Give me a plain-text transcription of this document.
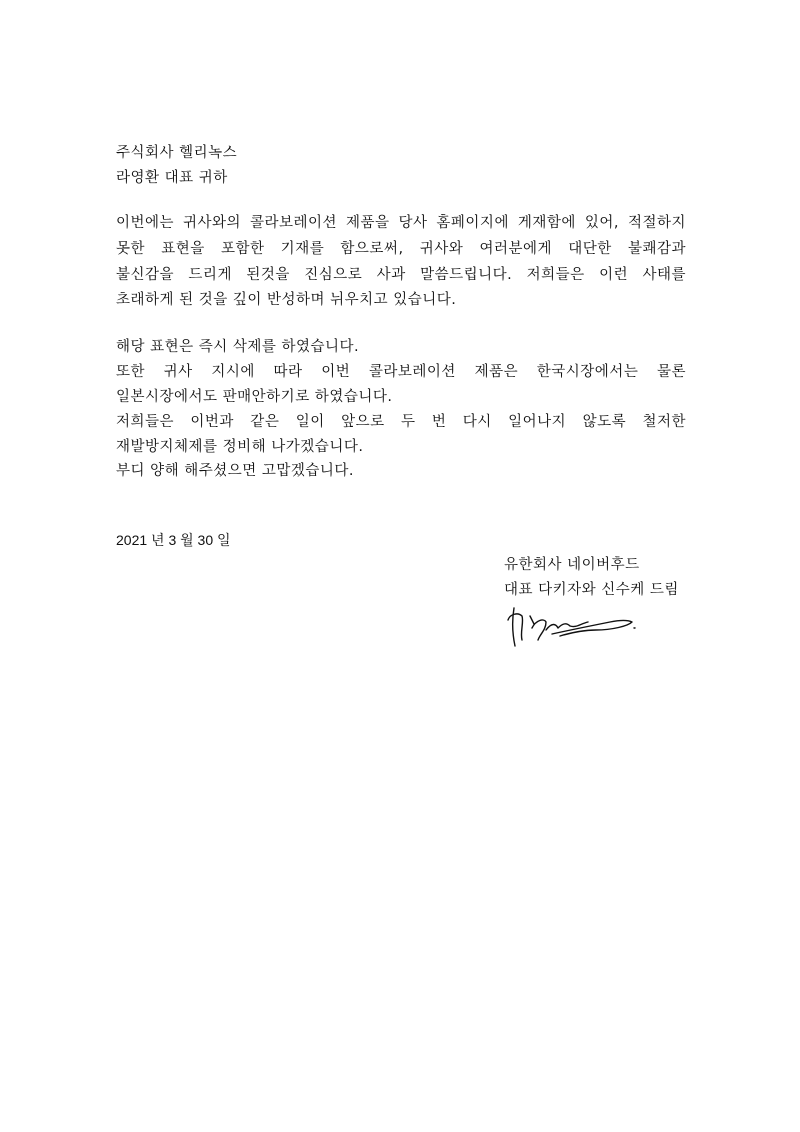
주식회사 헬리녹스
라영환 대표 귀하
이번에는 귀사와의 콜라보레이션 제품을 당사 홈페이지에 게재함에 있어, 적절하지
못한 표현을 포함한 기재를 함으로써, 귀사와 여러분에게 대단한 불쾌감과
불신감을 드리게 된것을 진심으로 사과 말씀드립니다. 저희들은 이런 사태를
초래하게 된 것을 깊이 반성하며 뉘우치고 있습니다.
해당 표현은 즉시 삭제를 하였습니다.
또한 귀사 지시에 따라 이번 콜라보레이션 제품은 한국시장에서는 물론
일본시장에서도 판매안하기로 하였습니다.
저희들은 이번과 같은 일이 앞으로 두 번 다시 일어나지 않도록 철저한
재발방지체제를 정비해 나가겠습니다.
부디 양해 해주셨으면 고맙겠습니다.
2021 년 3 월 30 일
유한회사 네이버후드
대표 다키자와 신수케 드림
